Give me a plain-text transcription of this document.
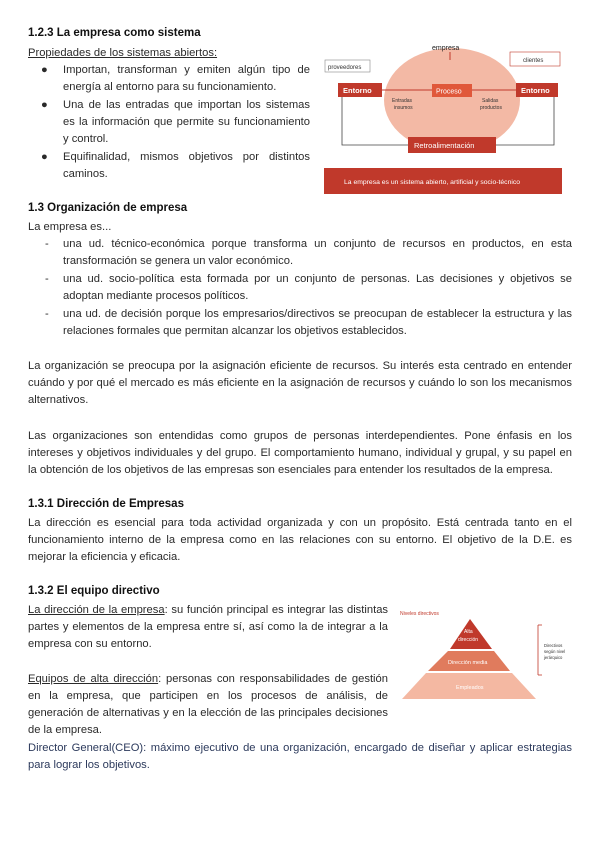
1.2.3 La empresa como sistema
Propiedades de los sistemas abiertos:
● Importan, transforman y emiten algún tipo de energía al entorno para su funcionamiento.
● Una de las entradas que importan los sistemas es la información que permite su funcionamiento y control.
● Equifinalidad, mismos objetivos por distintos caminos.
empresa
proveedores
clientes
Entorno	Entorno
Proceso
Entradas
insumos
Salidas
productos
Retroalimentación
La empresa es un sistema abierto, artificial y socio-técnico
1.3 Organización de empresa
La empresa es...
- una ud. técnico-económica porque transforma un conjunto de recursos en productos, en esta transformación se genera un valor económico.
- una ud. socio-política esta formada por un conjunto de personas. Las decisiones y objetivos se adoptan mediante procesos políticos.
- una ud. de decisión porque los empresarios/directivos se preocupan de establecer la estructura y las relaciones formales que permitan alcanzar los objetivos establecidos.
La organización se preocupa por la asignación eficiente de recursos. Su interés esta centrado en entender cuándo y por qué el mercado es más eficiente en la asignación de recursos y cuándo lo son los mecanismos alternativos.
Las organizaciones son entendidas como grupos de personas interdependientes. Pone énfasis en los intereses y objetivos individuales y del grupo. El comportamiento humano, individual y grupal, y su papel en la obtención de los objetivos de las empresas son esenciales para entender los resultados de la empresa.
1.3.1 Dirección de Empresas
La dirección es esencial para toda actividad organizada y con un propósito. Está centrada tanto en el funcionamiento interno de la empresa como en las relaciones con su entorno. El objetivo de la D.E. es mejorar la eficiencia y eficacia.
1.3.2 El equipo directivo
La dirección de la empresa: su función principal es integrar las distintas partes y elementos de la empresa entre sí, así como la de integrar a la empresa con su entorno.
Equipos de alta dirección: personas con responsabilidades de gestión en la empresa, que participen en los procesos de análisis, de generación de alternativas y en la elección de las principales decisiones de la empresa.
Director General(CEO): máximo ejecutivo de una organización, encargado de diseñar y aplicar estrategias para lograr los objetivos.
Niveles directivos
Alta
dirección
Dirección media
Empleados
Directivos
según nivel
jerárquico
